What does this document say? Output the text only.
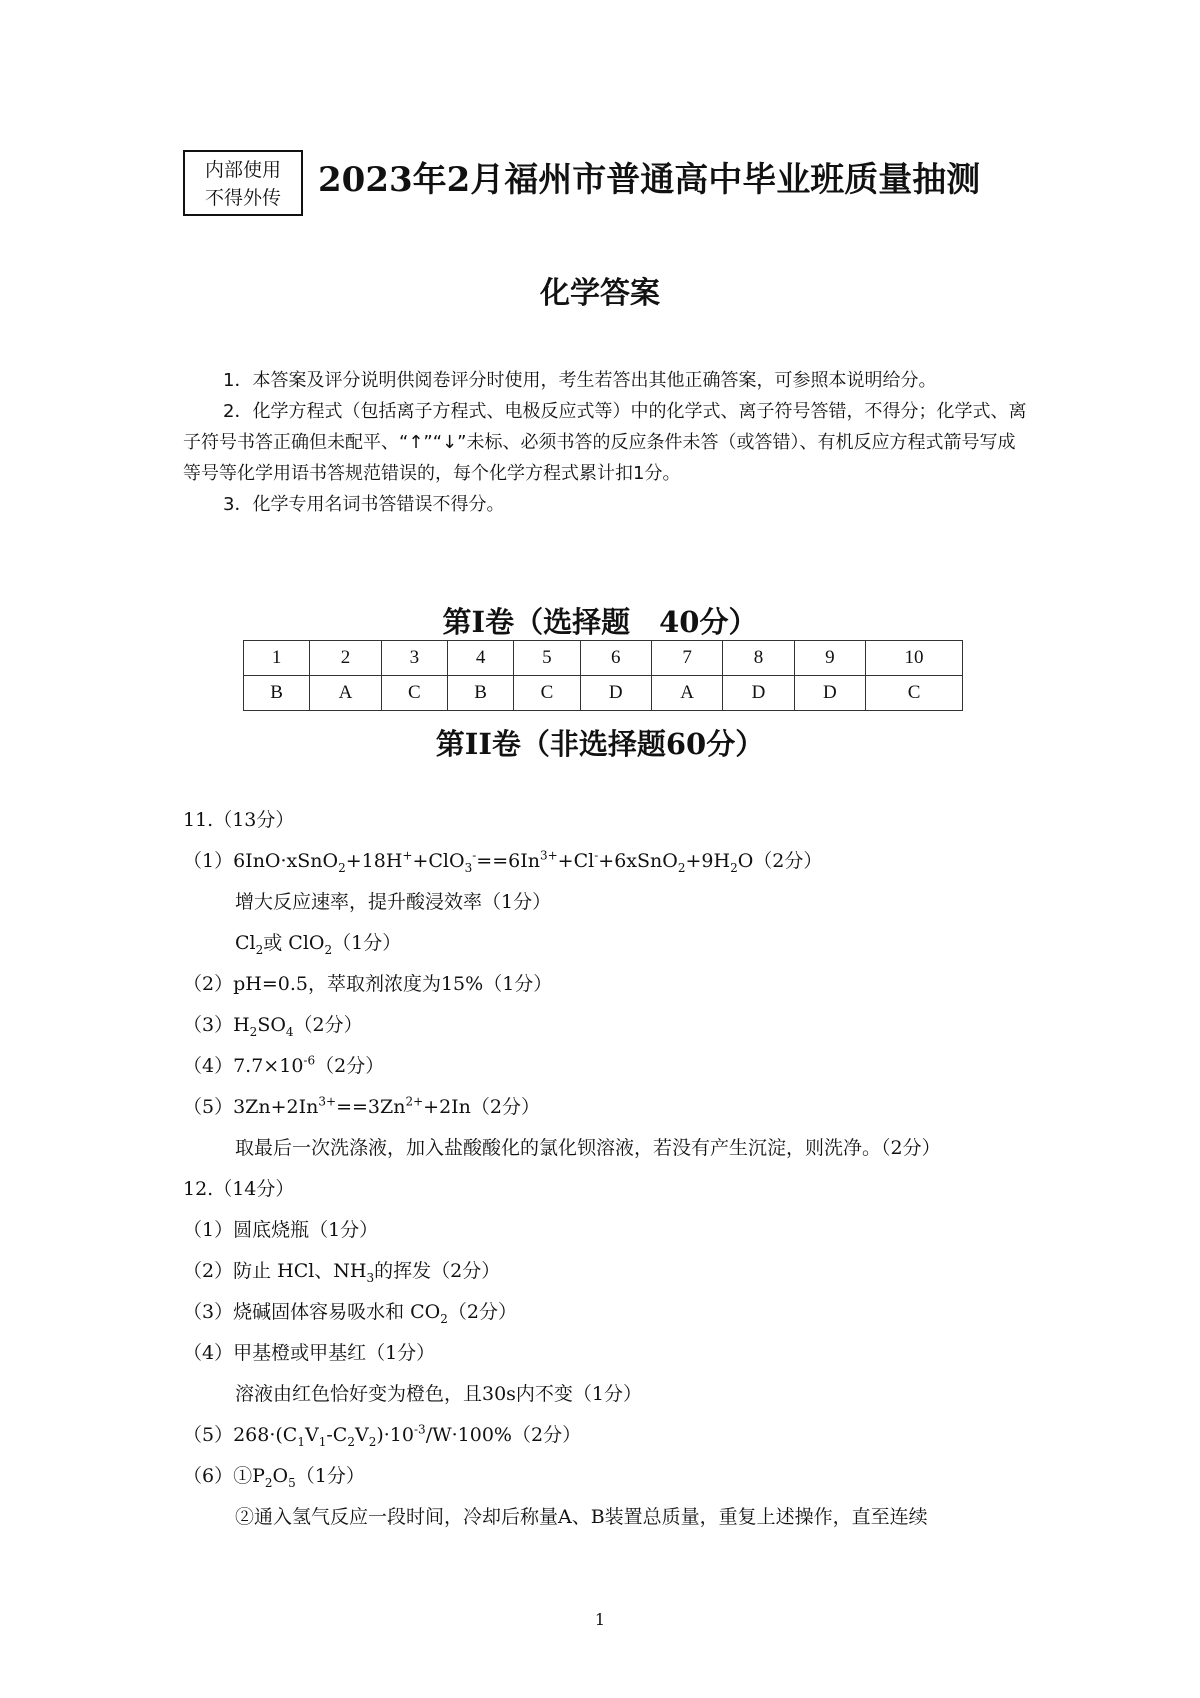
内部使用
不得外传	2023年2月福州市普通高中毕业班质量抽测
化学答案

1．本答案及评分说明供阅卷评分时使用，考生若答出其他正确答案，可参照本说明给分。

2．化学方程式（包括离子方程式、电极反应式等）中的化学式、离子符号答错，不得分；化学式、离子符号书答正确但未配平、“↑”“↓”未标、必须书答的反应条件未答（或答错）、有机反应方程式箭号写成等号等化学用语书答规范错误的，每个化学方程式累计扣1分。

3．化学专用名词书答错误不得分。

第Ⅰ卷（选择题　40分）
1	2	3	4	5	6	7	8	9	10
B	A	C	B	C	D	A	D	D	C
第II卷（非选择题60分）
11.（13分）
$(1)6InO\cdot xSnO_2+18H^++ClO_3^-==6In^{3+}+Cl^-+6xSnO_2+9H_2O(2$分）
增大反应速率，提升酸浸效率（1分）
$Cl_2$或 ClO$_2$（1分）
（2）pH=0.5，萃取剂浓度为15%（1分）
$(3)H_2SO_4(2$分）
$(4)7.7\times 10^{-6}(2$分）
$(5)3Zn+2In^{3+}==3Zn^{2+}+2In(2$分）
取最后一次洗涤液，加入盐酸酸化的氯化钡溶液，若没有产生沉淀，则洗净。（2分）
12.（14分）
（1）圆底烧瓶（1分）
（2）防止 HCl、$NH_3$的挥发（2分）
（3）烧碱固体容易吸水和 $CO_2(2$分）
（4）甲基橙或甲基红（1分）
溶液由红色恰好变为橙色，且30s内不变（1分）
$(5)268\cdot(C_1V_1-C_2V_2)\cdot 10^{-3}/W\cdot 100\%(2$分）
$(6)①P_2O_5(1$分）
②通入氢气反应一段时间，冷却后称量A、B装置总质量，重复上述操作，直至连续
1
